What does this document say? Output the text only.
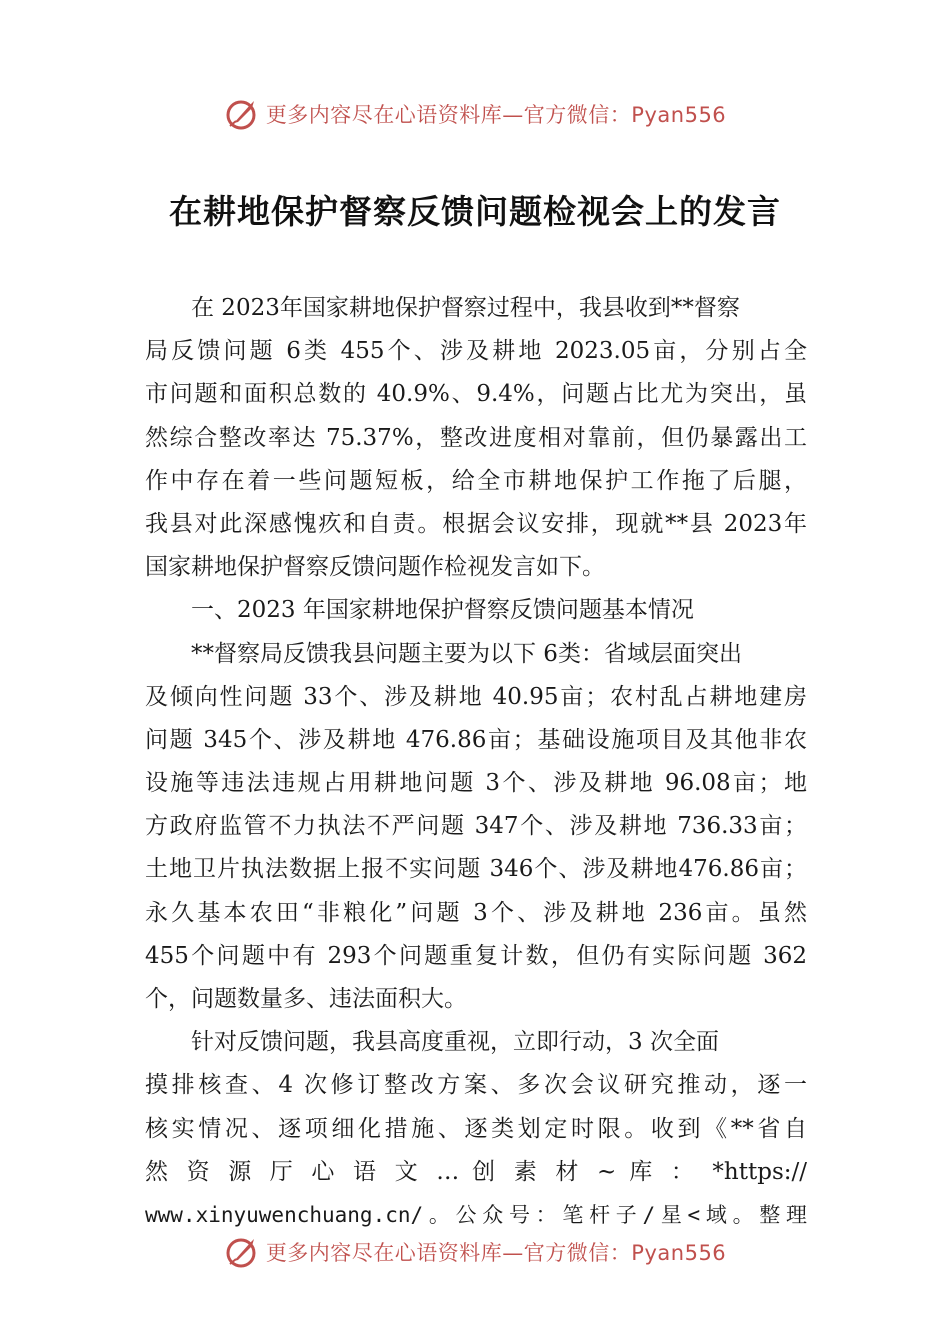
更多内容尽在心语资料库—官方微信：Pyan556
在耕地保护督察反馈问题检视会上的发言
在 2023年国家耕地保护督察过程中，我县收到**督察
局反馈问题 6类 455个、涉及耕地 2023.05亩，分别占全
市问题和面积总数的 40.9%、9.4%，问题占比尤为突出，虽
然综合整改率达 75.37%，整改进度相对靠前，但仍暴露出工
作中存在着一些问题短板，给全市耕地保护工作拖了后腿，
我县对此深感愧疚和自责。根据会议安排，现就**县 2023年
国家耕地保护督察反馈问题作检视发言如下。
一、2023 年国家耕地保护督察反馈问题基本情况
**督察局反馈我县问题主要为以下 6类：省域层面突出
及倾向性问题 33个、涉及耕地 40.95亩；农村乱占耕地建房
问题 345个、涉及耕地 476.86亩；基础设施项目及其他非农
设施等违法违规占用耕地问题 3个、涉及耕地 96.08亩；地
方政府监管不力执法不严问题 347个、涉及耕地 736.33亩；
土地卫片执法数据上报不实问题 346个、涉及耕地476.86亩；
永久基本农田“非粮化”问题 3个、涉及耕地 236亩。虽然
455个问题中有 293个问题重复计数，但仍有实际问题 362
个，问题数量多、违法面积大。
针对反馈问题，我县高度重视，立即行动，3 次全面
摸排核查、4 次修订整改方案、多次会议研究推动，逐一
核实情况、逐项细化措施、逐类划定时限。收到《**省自
然 资 源 厅 心 语 文 … 创 素 材 ~ 库 ： *https://
www.xinyuwenchuang.cn/。公众号：笔杆子/星<域。整理
更多内容尽在心语资料库—官方微信：Pyan556
